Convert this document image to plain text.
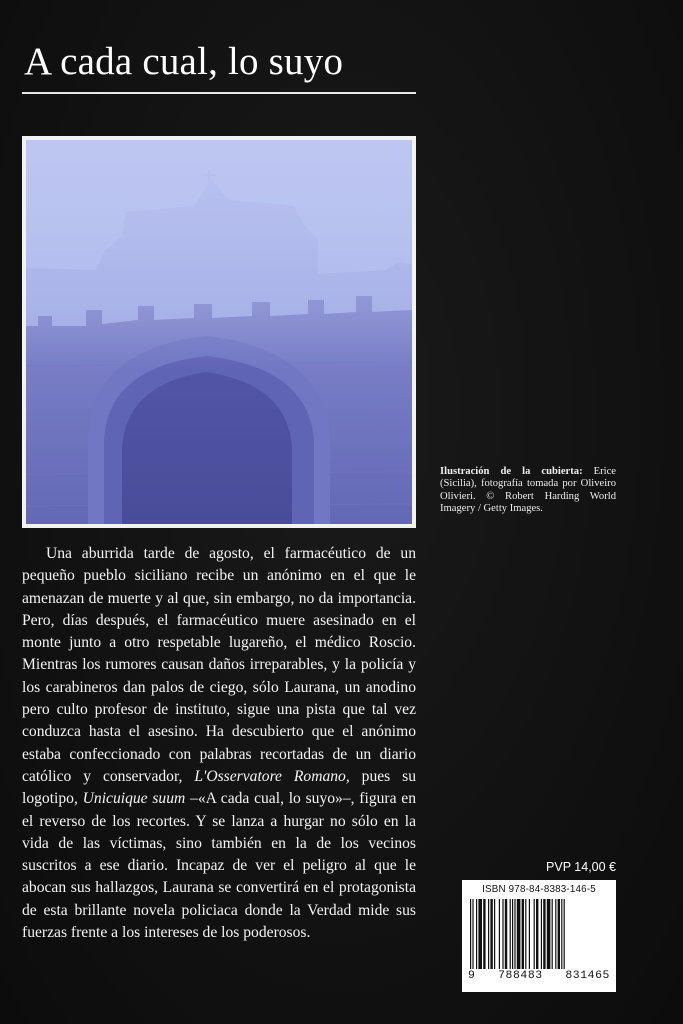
A cada cual, lo suyo
Ilustración de la cubierta: Erice (Sicilia), fotografía tomada por Oliveiro Olivieri. © Robert Harding World Imagery / Getty Images.

Una aburrida tarde de agosto, el farmacéutico de un pequeño pueblo siciliano recibe un anónimo en el que le amenazan de muerte y al que, sin embargo, no da importancia. Pero, días después, el farmacéutico muere asesinado en el monte junto a otro respetable lugareño, el médico Roscio. Mientras los rumores causan daños irreparables, y la policía y los carabineros dan palos de ciego, sólo Laurana, un anodino pero culto profesor de instituto, sigue una pista que tal vez conduzca hasta el asesino. Ha descubierto que el anónimo estaba confeccionado con palabras recortadas de un diario católico y conservador, L'Osservatore Romano, pues su logotipo, Unicuique suum –«A cada cual, lo suyo»–, figura en el reverso de los recortes. Y se lanza a hurgar no sólo en la vida de las víctimas, sino también en la de los vecinos suscritos a ese diario. Incapaz de ver el peligro al que le abocan sus hallazgos, Laurana se convertirá en el protagonista de esta brillante novela policiaca donde la Verdad mide sus fuerzas frente a los intereses de los poderosos.

PVP 14,00 €
ISBN 978-84-8383-146-5
9 788483 831465
